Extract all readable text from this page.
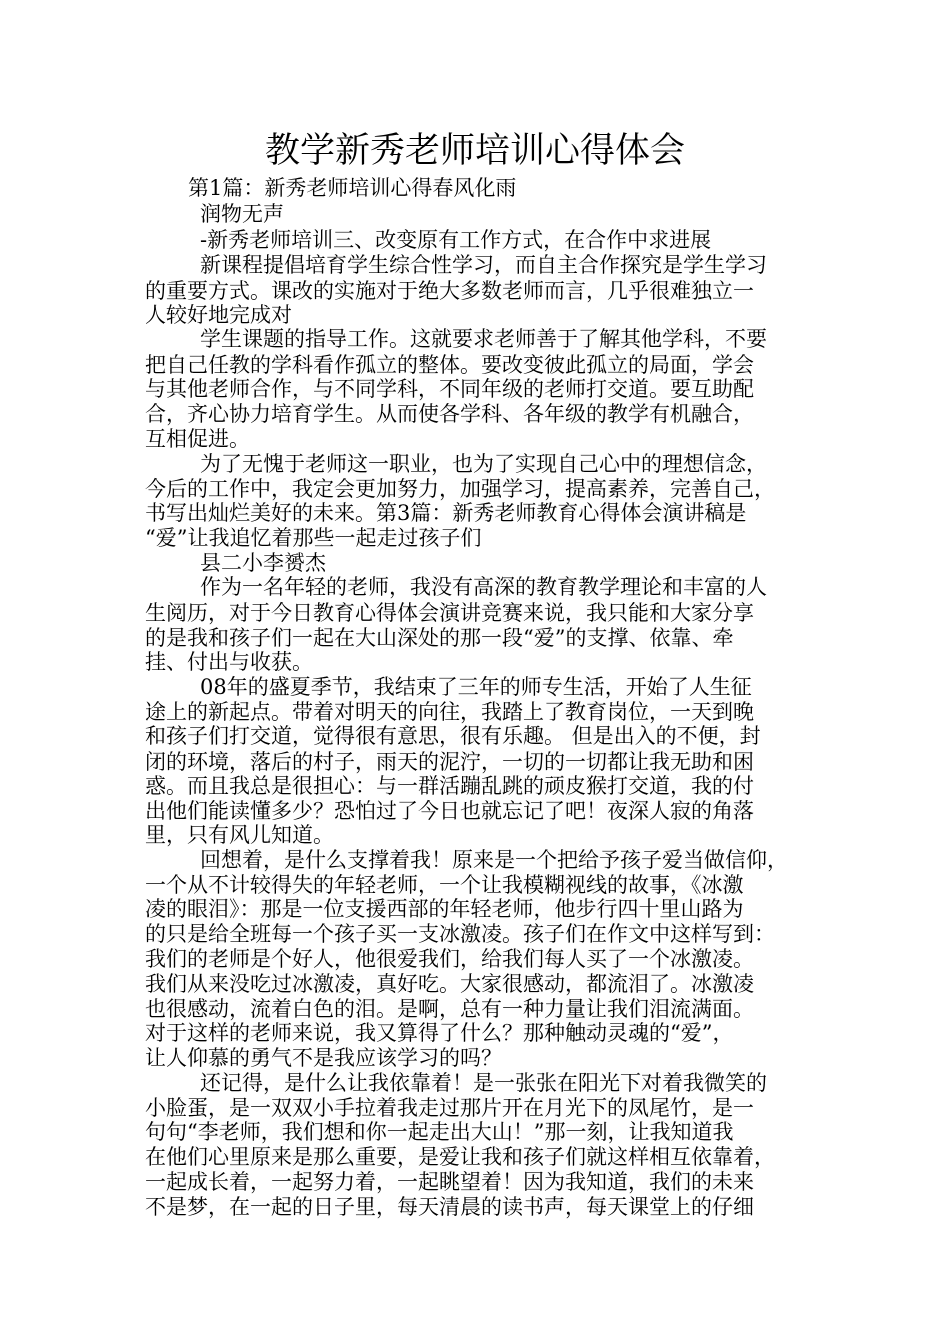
教学新秀老师培训心得体会
第1篇：新秀老师培训心得春风化雨
润物无声
-新秀老师培训三、改变原有工作方式，在合作中求进展
新课程提倡培育学生综合性学习，而自主合作探究是学生学习
的重要方式。课改的实施对于绝大多数老师而言，几乎很难独立一
人较好地完成对
学生课题的指导工作。这就要求老师善于了解其他学科，不要
把自己任教的学科看作孤立的整体。要改变彼此孤立的局面，学会
与其他老师合作，与不同学科，不同年级的老师打交道。要互助配
合，齐心协力培育学生。从而使各学科、各年级的教学有机融合，
互相促进。
为了无愧于老师这一职业，也为了实现自己心中的理想信念，
今后的工作中，我定会更加努力，加强学习，提高素养，完善自己，
书写出灿烂美好的未来。第3篇：新秀老师教育心得体会演讲稿是
“爱”让我追忆着那些一起走过孩子们
县二小李赟杰
作为一名年轻的老师，我没有高深的教育教学理论和丰富的人
生阅历，对于今日教育心得体会演讲竞赛来说，我只能和大家分享
的是我和孩子们一起在大山深处的那一段“爱”的支撑、依靠、牵
挂、付出与收获。
08年的盛夏季节，我结束了三年的师专生活，开始了人生征
途上的新起点。带着对明天的向往，我踏上了教育岗位，一天到晚
和孩子们打交道，觉得很有意思，很有乐趣。 但是出入的不便，封
闭的环境，落后的村子，雨天的泥泞，一切的一切都让我无助和困
惑。而且我总是很担心：与一群活蹦乱跳的顽皮猴打交道，我的付
出他们能读懂多少？恐怕过了今日也就忘记了吧！夜深人寂的角落
里，只有风儿知道。
回想着，是什么支撑着我！原来是一个把给予孩子爱当做信仰，
一个从不计较得失的年轻老师，一个让我模糊视线的故事，《冰激
凌的眼泪》：那是一位支援西部的年轻老师，他步行四十里山路为
的只是给全班每一个孩子买一支冰激凌。孩子们在作文中这样写到：
我们的老师是个好人，他很爱我们，给我们每人买了一个冰激凌。
我们从来没吃过冰激凌，真好吃。大家很感动，都流泪了。冰激凌
也很感动，流着白色的泪。是啊，总有一种力量让我们泪流满面。
对于这样的老师来说，我又算得了什么？那种触动灵魂的“爱”，
让人仰慕的勇气不是我应该学习的吗？
还记得，是什么让我依靠着！是一张张在阳光下对着我微笑的
小脸蛋，是一双双小手拉着我走过那片开在月光下的凤尾竹，是一
句句“李老师，我们想和你一起走出大山！”那一刻，让我知道我
在他们心里原来是那么重要，是爱让我和孩子们就这样相互依靠着，
一起成长着，一起努力着，一起眺望着！因为我知道，我们的未来
不是梦，在一起的日子里，每天清晨的读书声，每天课堂上的仔细
